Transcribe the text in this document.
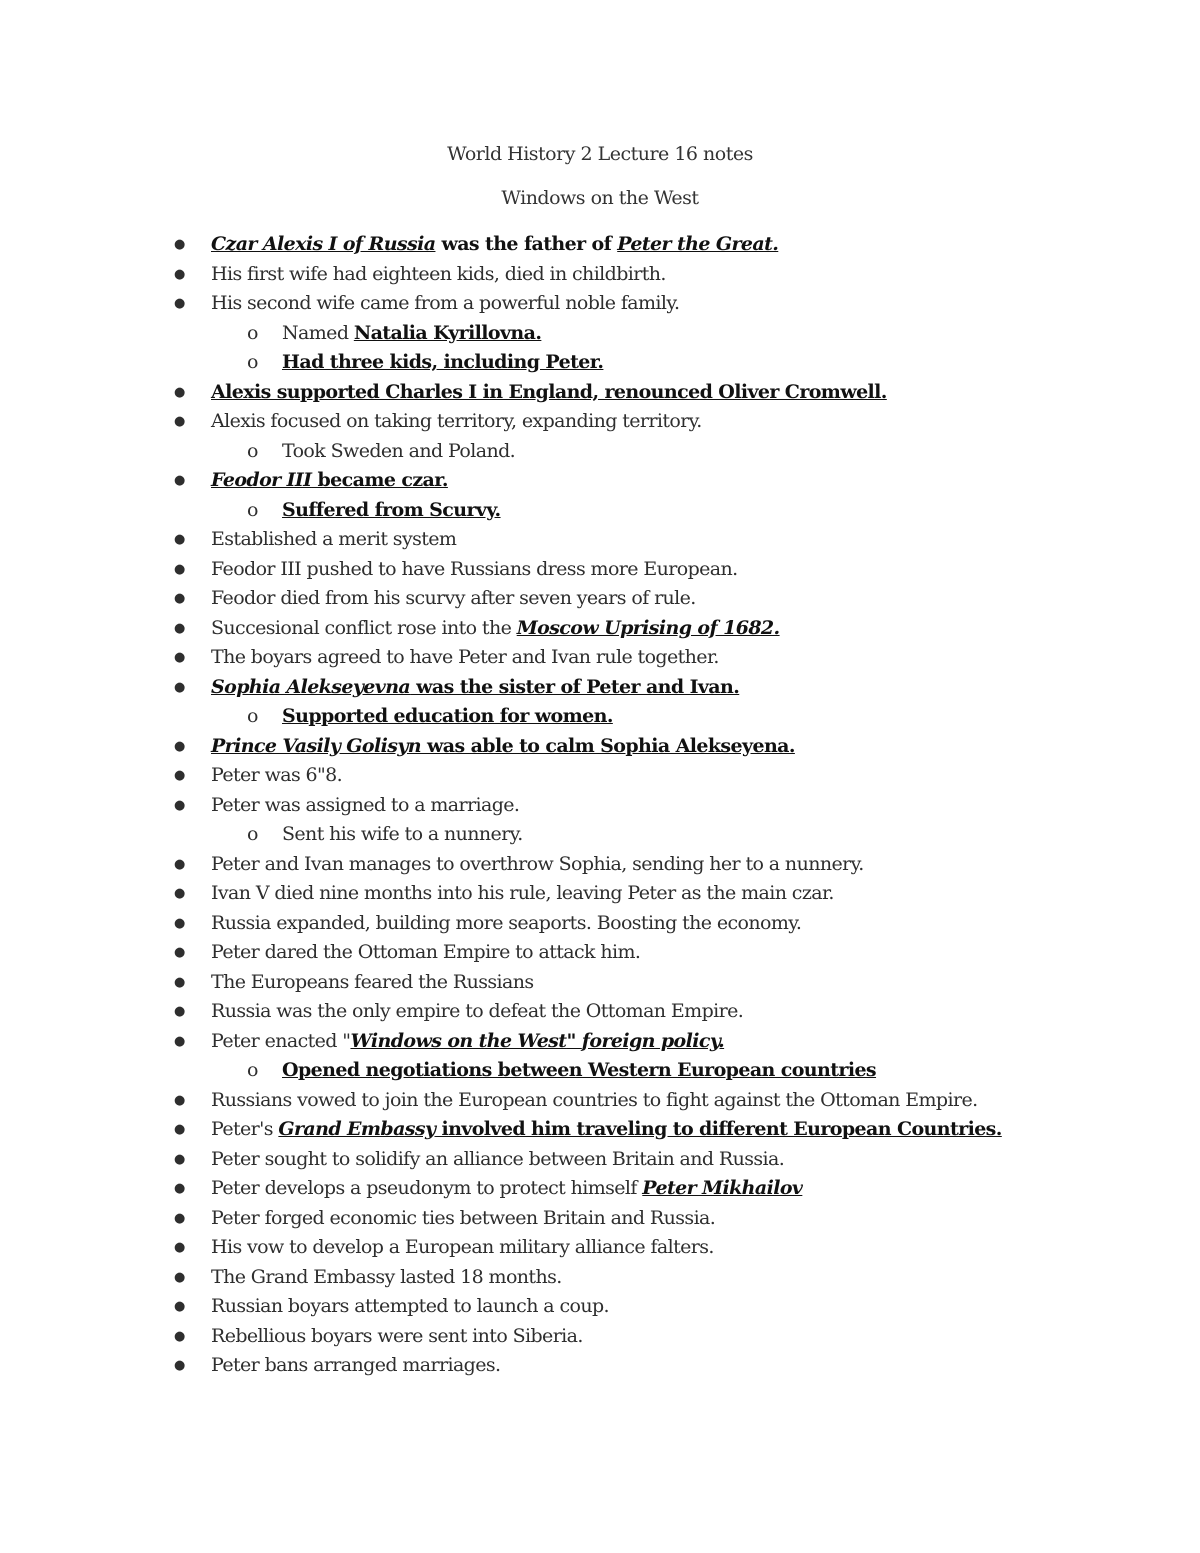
World History 2 Lecture 16 notes
Windows on the West
● Czar Alexis I of Russia was the father of Peter the Great.
● His first wife had eighteen kids, died in childbirth.
● His second wife came from a powerful noble family.
o Named Natalia Kyrillovna.
o Had three kids, including Peter.
● Alexis supported Charles I in England, renounced Oliver Cromwell.
● Alexis focused on taking territory, expanding territory.
o Took Sweden and Poland.
● Feodor III became czar.
o Suffered from Scurvy.
● Established a merit system
● Feodor III pushed to have Russians dress more European.
● Feodor died from his scurvy after seven years of rule.
● Succesional conflict rose into the Moscow Uprising of 1682.
● The boyars agreed to have Peter and Ivan rule together.
● Sophia Alekseyevna was the sister of Peter and Ivan.
o Supported education for women.
● Prince Vasily Golisyn was able to calm Sophia Alekseyena.
● Peter was 6"8.
● Peter was assigned to a marriage.
o Sent his wife to a nunnery.
● Peter and Ivan manages to overthrow Sophia, sending her to a nunnery.
● Ivan V died nine months into his rule, leaving Peter as the main czar.
● Russia expanded, building more seaports. Boosting the economy.
● Peter dared the Ottoman Empire to attack him.
● The Europeans feared the Russians
● Russia was the only empire to defeat the Ottoman Empire.
● Peter enacted "Windows on the West" foreign policy.
o Opened negotiations between Western European countries
● Russians vowed to join the European countries to fight against the Ottoman Empire.
● Peter's Grand Embassy involved him traveling to different European Countries.
● Peter sought to solidify an alliance between Britain and Russia.
● Peter develops a pseudonym to protect himself Peter Mikhailov
● Peter forged economic ties between Britain and Russia.
● His vow to develop a European military alliance falters.
● The Grand Embassy lasted 18 months.
● Russian boyars attempted to launch a coup.
● Rebellious boyars were sent into Siberia.
● Peter bans arranged marriages.
